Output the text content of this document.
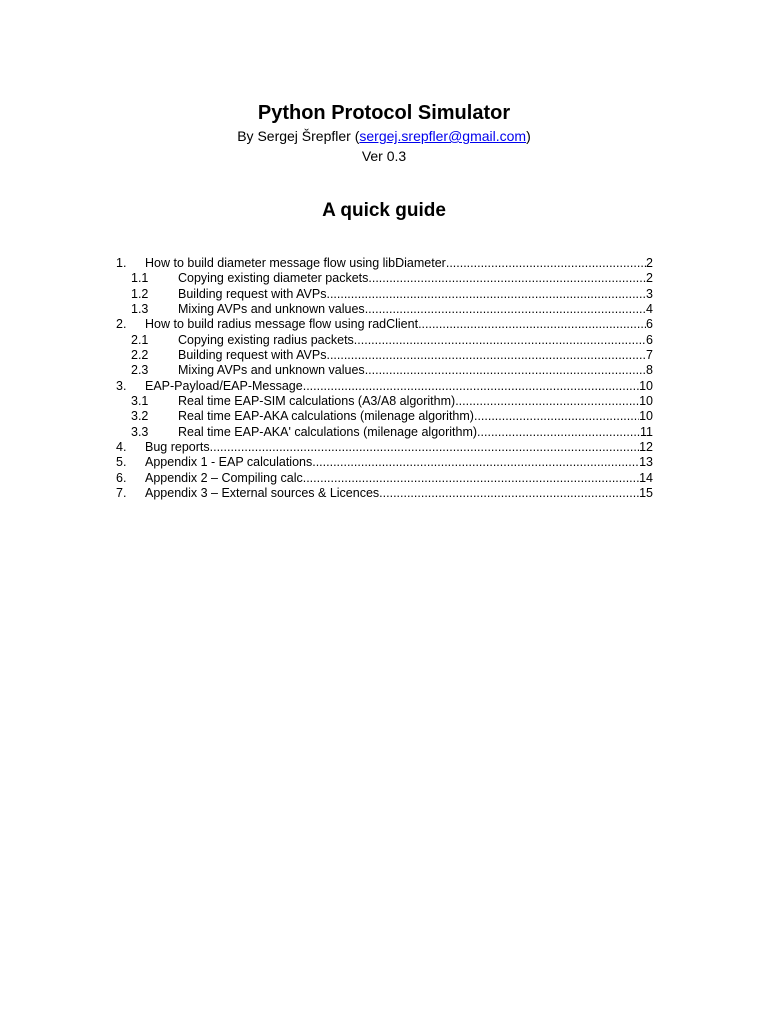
Python Protocol Simulator
By Sergej Šrepfler (sergej.srepfler@gmail.com)
Ver 0.3
A quick guide
1.	How to build diameter message flow using libDiameter .....	2
1.1	Copying existing diameter packets .....	2
1.2	Building request with AVPs .....	3
1.3	Mixing AVPs and unknown values .....	4
2.	How to build radius message flow using radClient .....	6
2.1	Copying existing radius packets .....	6
2.2	Building request with AVPs .....	7
2.3	Mixing AVPs and unknown values .....	8
3.	EAP-Payload/EAP-Message .....	10
3.1	Real time EAP-SIM calculations (A3/A8 algorithm) .....	10
3.2	Real time EAP-AKA calculations (milenage algorithm) .....	10
3.3	Real time EAP-AKA' calculations (milenage algorithm) .....	11
4.	Bug reports .....	12
5.	Appendix 1 - EAP calculations .....	13
6.	Appendix 2 – Compiling calc .....	14
7.	Appendix 3 – External sources & Licences .....	15
